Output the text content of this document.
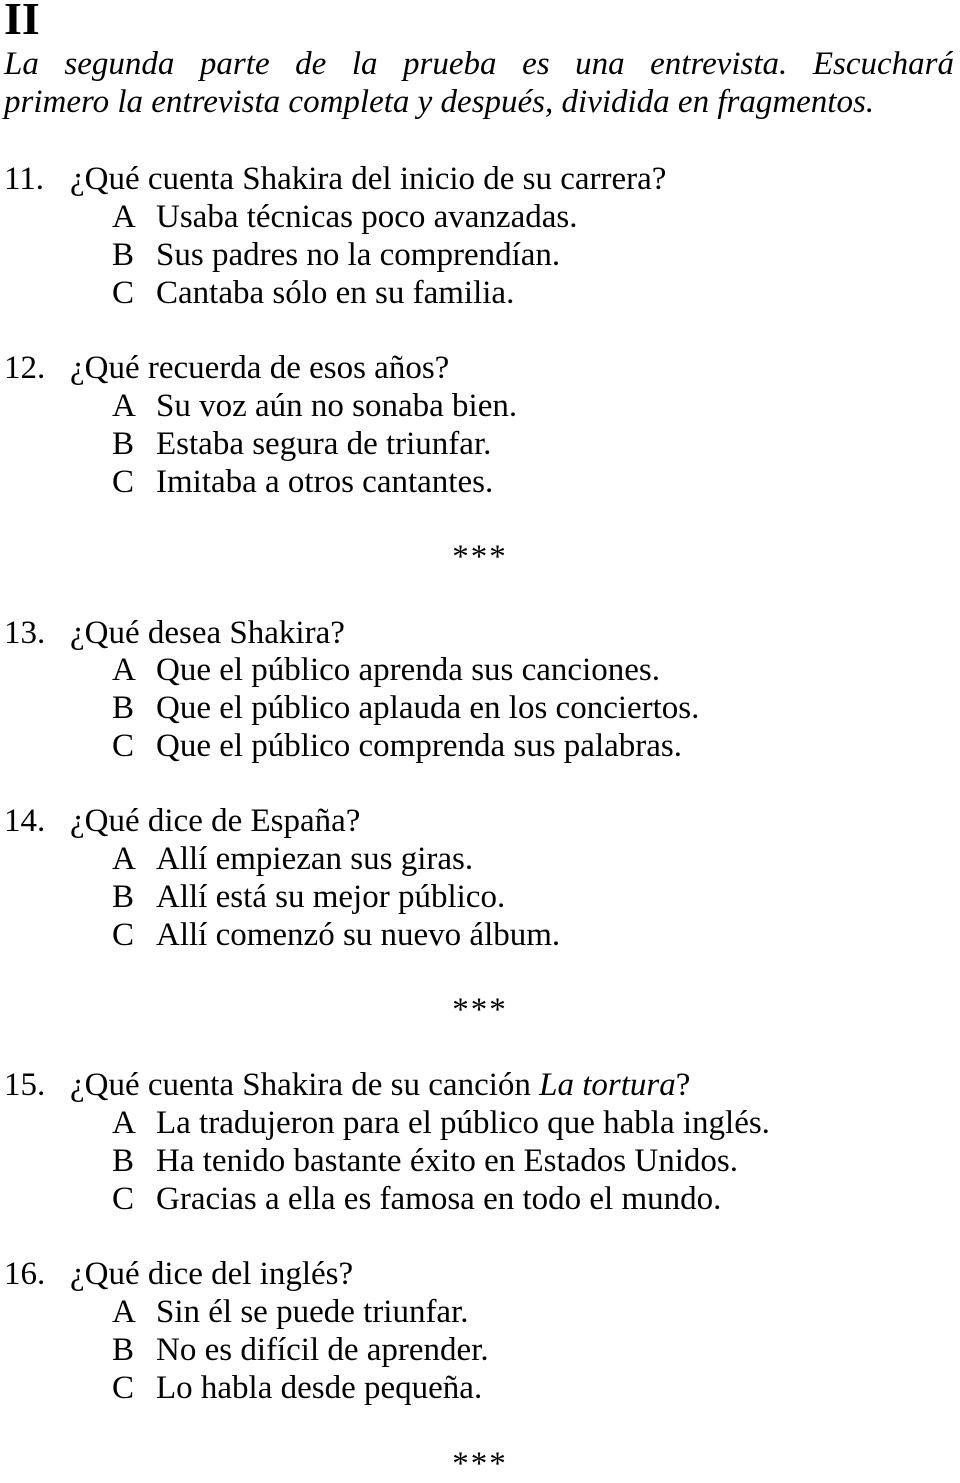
II

La segunda parte de la prueba es una entrevista. Escuchará
primero la entrevista completa y después, dividida en fragmentos.

11. ¿Qué cuenta Shakira del inicio de su carrera?
A Usaba técnicas poco avanzadas.
B Sus padres no la comprendían.
C Cantaba sólo en su familia.
12. ¿Qué recuerda de esos años?
A Su voz aún no sonaba bien.
B Estaba segura de triunfar.
C Imitaba a otros cantantes.
***
13. ¿Qué desea Shakira?
A Que el público aprenda sus canciones.
B Que el público aplauda en los conciertos.
C Que el público comprenda sus palabras.
14. ¿Qué dice de España?
A Allí empiezan sus giras.
B Allí está su mejor público.
C Allí comenzó su nuevo álbum.
***
15. ¿Qué cuenta Shakira de su canción La tortura?
A La tradujeron para el público que habla inglés.
B Ha tenido bastante éxito en Estados Unidos.
C Gracias a ella es famosa en todo el mundo.
16. ¿Qué dice del inglés?
A Sin él se puede triunfar.
B No es difícil de aprender.
C Lo habla desde pequeña.
***
